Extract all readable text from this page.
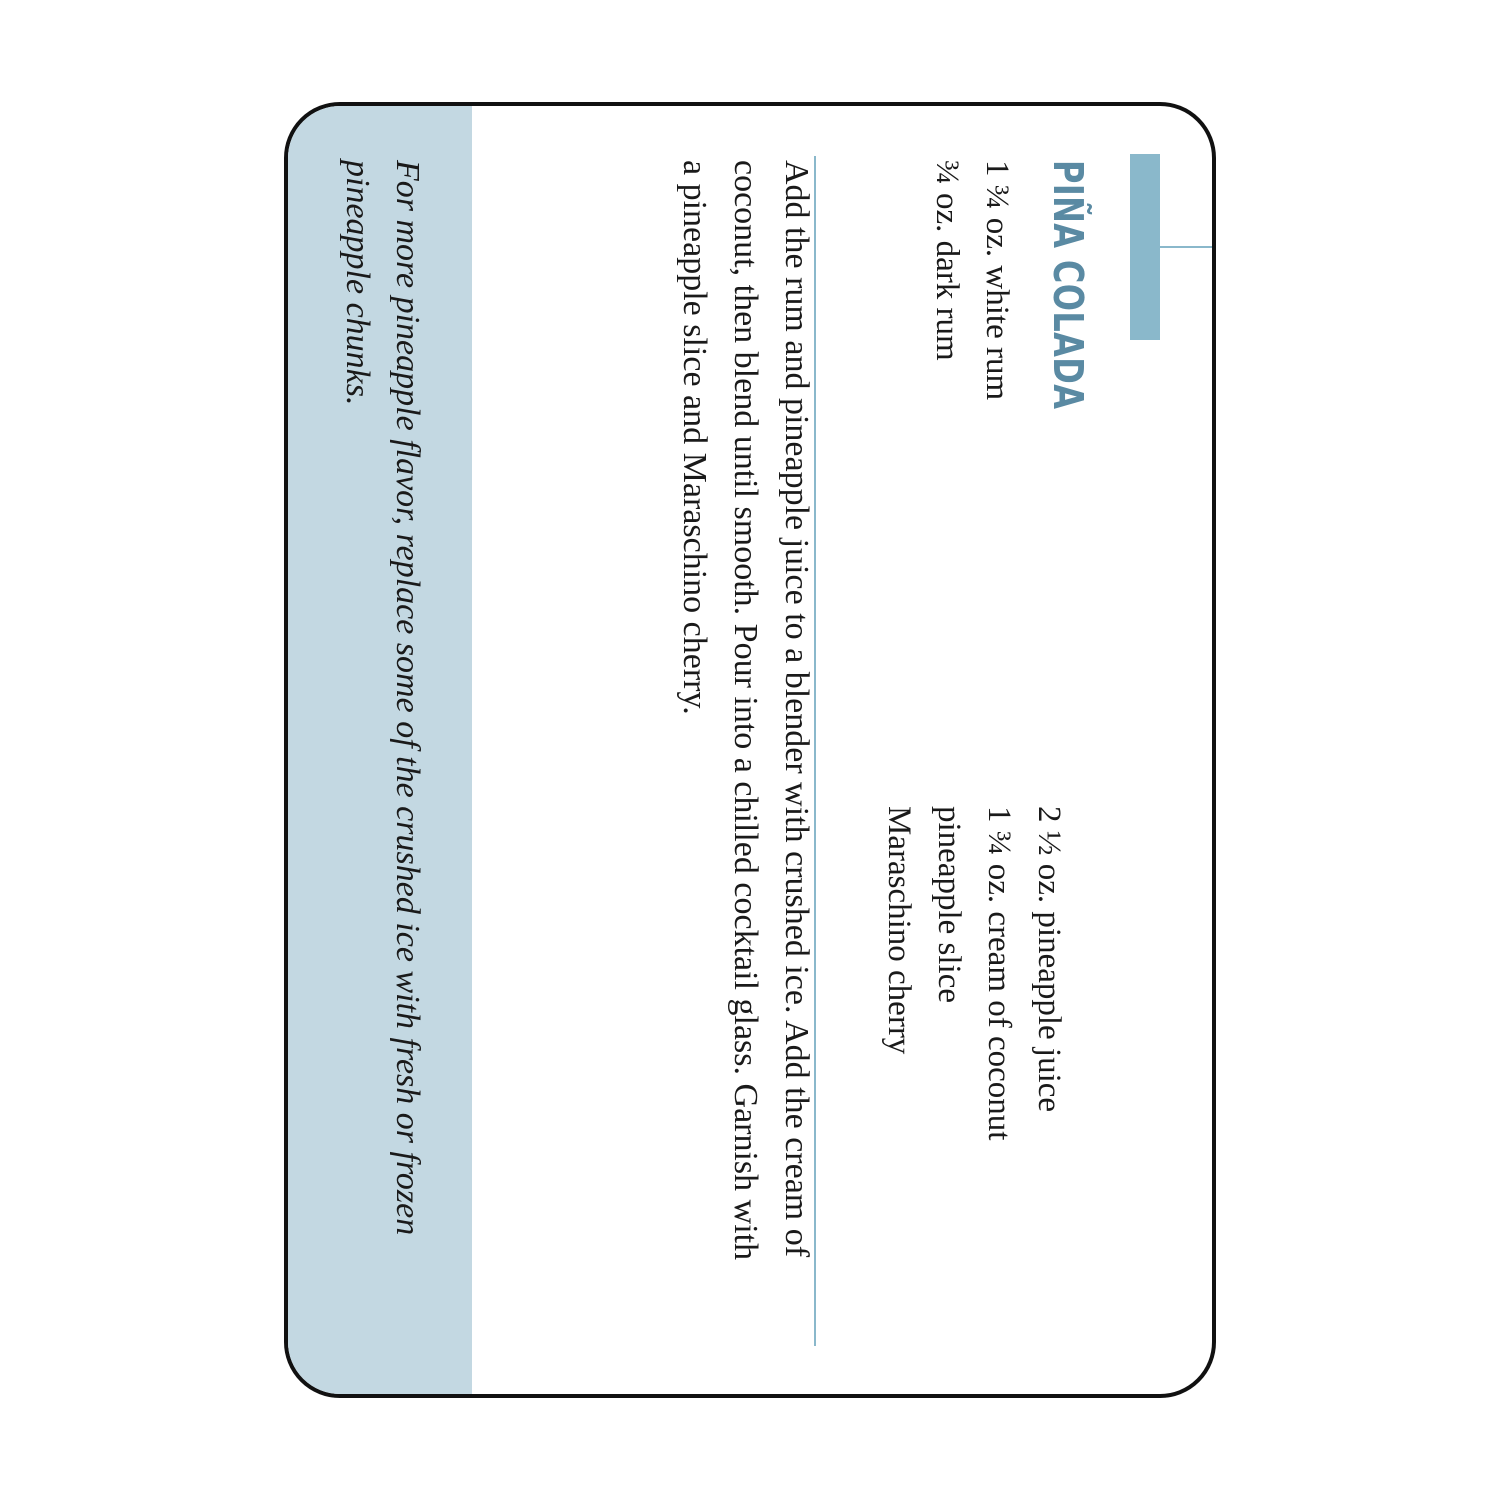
PIÑA COLADA
1 ¾ oz. white rum
¾ oz. dark rum
2 ½ oz. pineapple juice
1 ¾ oz. cream of coconut
pineapple slice
Maraschino cherry

Add the rum and pineapple juice to a blender with crushed ice. Add the cream of coconut, then blend until smooth. Pour into a chilled cocktail glass. Garnish with a pineapple slice and Maraschino cherry.

For more pineapple flavor, replace some of the crushed ice with fresh or frozen pineapple chunks.
